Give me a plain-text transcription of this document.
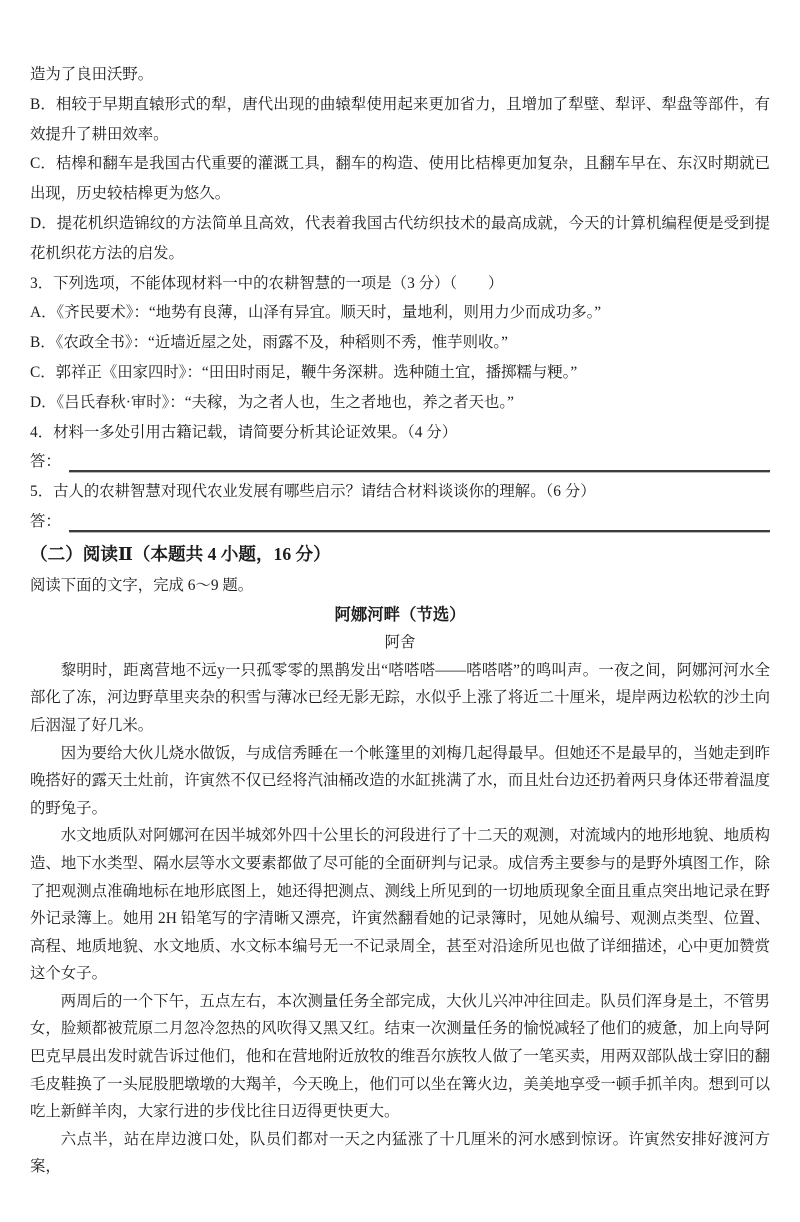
造为了良田沃野。
B．相较于早期直辕形式的犁，唐代出现的曲辕犁使用起来更加省力，且增加了犁壁、犁评、犁盘等部件，有效提升了耕田效率。
C．桔槔和翻车是我国古代重要的灌溉工具，翻车的构造、使用比桔槔更加复杂，且翻车早在、东汉时期就已出现，历史较桔槔更为悠久。
D．提花机织造锦纹的方法简单且高效，代表着我国古代纺织技术的最高成就，今天的计算机编程便是受到提花机织花方法的启发。
3．下列选项，不能体现材料一中的农耕智慧的一项是（3 分）（　　）
A．《齐民要术》：“地势有良薄，山泽有异宜。顺天时，量地利，则用力少而成功多。”
B．《农政全书》：“近墙近屋之处，雨露不及，种稻则不秀，惟芋则收。”
C．郭祥正《田家四时》：“田田时雨足，鞭牛务深耕。选种随土宜，播掷糯与粳。”
D．《吕氏春秋·审时》：“夫稼，为之者人也，生之者地也，养之者天也。”
4．材料一多处引用古籍记载，请简要分析其论证效果。（4 分）
答：
5．古人的农耕智慧对现代农业发展有哪些启示？请结合材料谈谈你的理解。（6 分）
答：
（二）阅读Ⅱ（本题共 4 小题，16 分）
阅读下面的文字，完成 6～9 题。
阿娜河畔（节选）
阿舍
黎明时，距离营地不远y一只孤零零的黑鹊发出“嗒嗒嗒——嗒嗒嗒”的鸣叫声。一夜之间，阿娜河河水全部化了冻，河边野草里夹杂的积雪与薄冰已经无影无踪，水似乎上涨了将近二十厘米，堤岸两边松软的沙土向后洇湿了好几米。
因为要给大伙儿烧水做饭，与成信秀睡在一个帐篷里的刘梅几起得最早。但她还不是最早的，当她走到昨晚搭好的露天土灶前，许寅然不仅已经将汽油桶改造的水缸挑满了水，而且灶台边还扔着两只身体还带着温度的野兔子。
水文地质队对阿娜河在因半城郊外四十公里长的河段进行了十二天的观测，对流域内的地形地貌、地质构造、地下水类型、隔水层等水文要素都做了尽可能的全面研判与记录。成信秀主要参与的是野外填图工作，除了把观测点准确地标在地形底图上，她还得把测点、测线上所见到的一切地质现象全面且重点突出地记录在野外记录簿上。她用 2H 铅笔写的字清晰又漂亮，许寅然翻看她的记录簿时，见她从编号、观测点类型、位置、高程、地质地貌、水文地质、水文标本编号无一不记录周全，甚至对沿途所见也做了详细描述，心中更加赞赏这个女子。
两周后的一个下午，五点左右，本次测量任务全部完成，大伙儿兴冲冲往回走。队员们浑身是土，不管男女，脸颊都被荒原二月忽冷忽热的风吹得又黑又红。结束一次测量任务的愉悦减轻了他们的疲惫，加上向导阿巴克早晨出发时就告诉过他们，他和在营地附近放牧的维吾尔族牧人做了一笔买卖，用两双部队战士穿旧的翻毛皮鞋换了一头屁股肥墩墩的大羯羊，今天晚上，他们可以坐在篝火边，美美地享受一顿手抓羊肉。想到可以吃上新鲜羊肉，大家行进的步伐比往日迈得更快更大。
六点半，站在岸边渡口处，队员们都对一天之内猛涨了十几厘米的河水感到惊讶。许寅然安排好渡河方案，
